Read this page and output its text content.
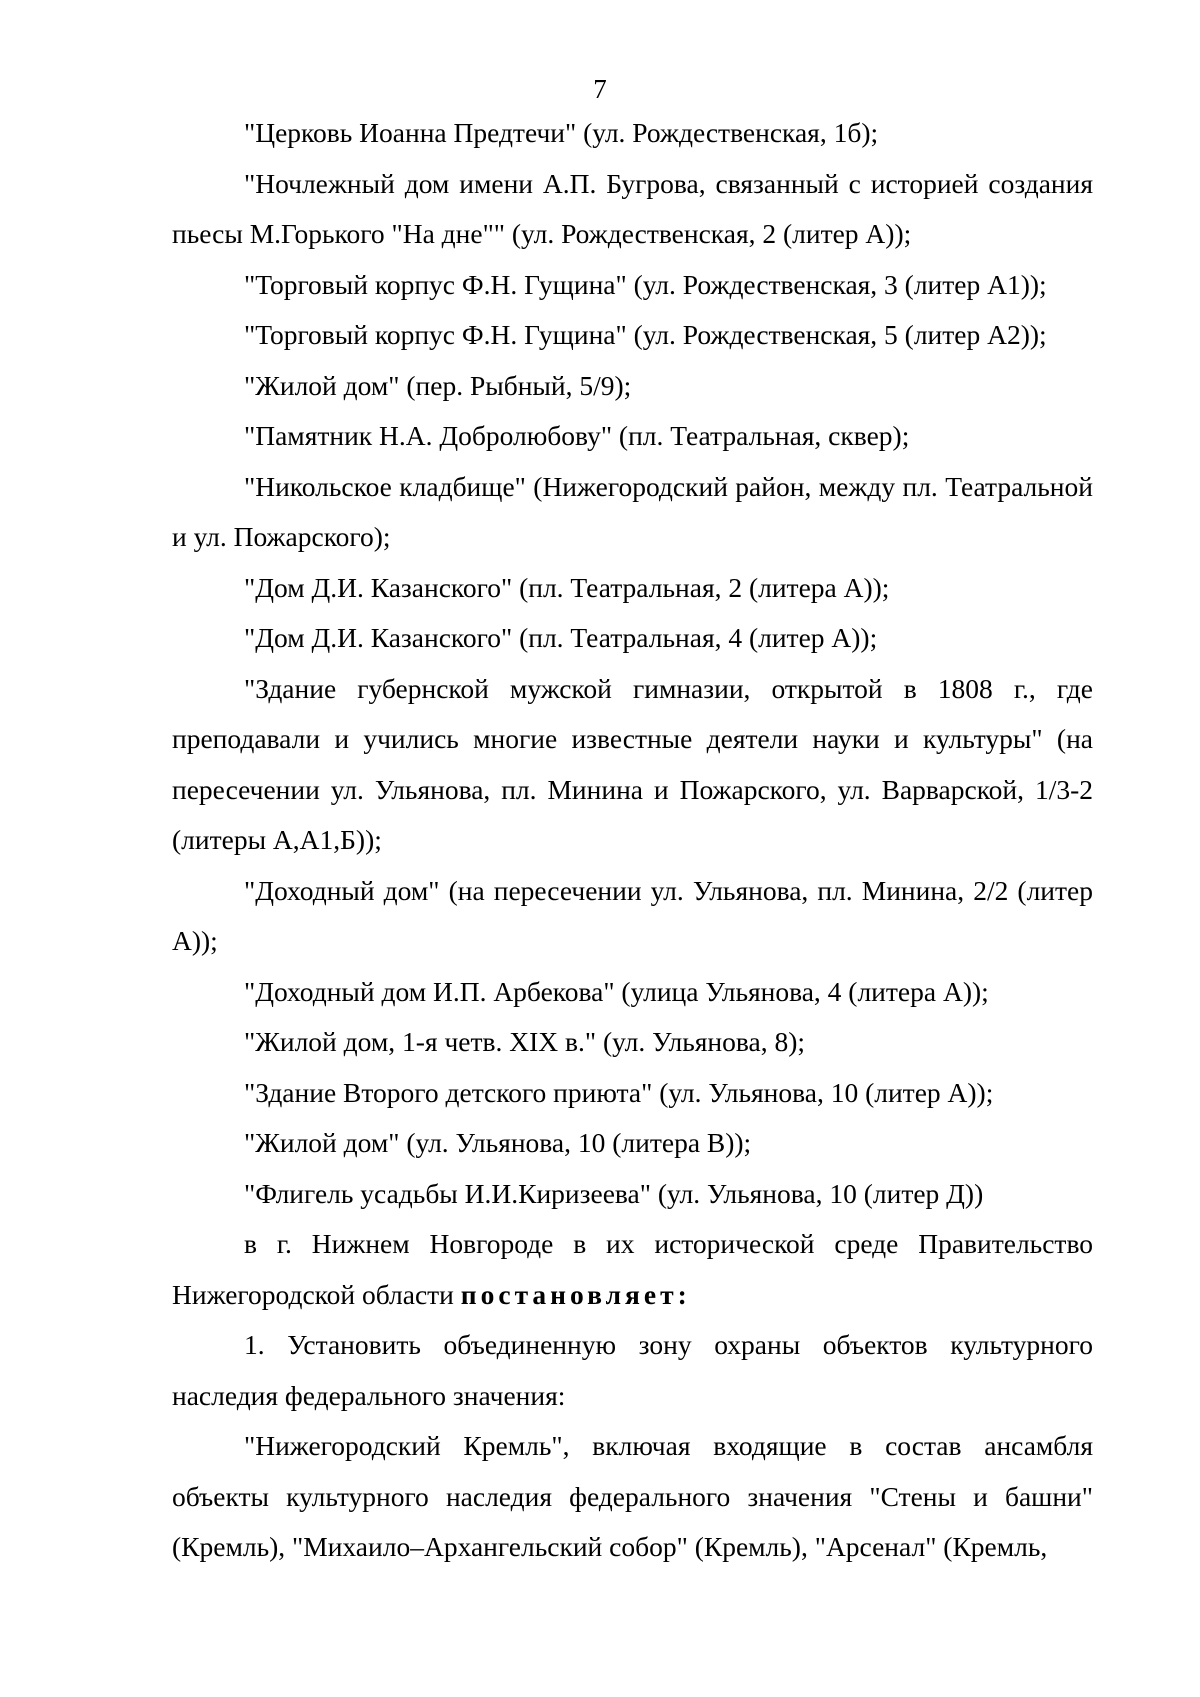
7

"Церковь Иоанна Предтечи" (ул. Рождественская, 1б);

"Ночлежный дом имени А.П. Бугрова, связанный с историей создания пьесы М.Горького "На дне"" (ул. Рождественская, 2 (литер А));

"Торговый корпус Ф.Н. Гущина" (ул. Рождественская, 3 (литер А1));

"Торговый корпус Ф.Н. Гущина" (ул. Рождественская, 5 (литер А2));

"Жилой дом" (пер. Рыбный, 5/9);

"Памятник Н.А. Добролюбову" (пл. Театральная, сквер);

"Никольское кладбище" (Нижегородский район, между пл. Театральной и ул. Пожарского);

"Дом Д.И. Казанского" (пл. Театральная, 2 (литера А));

"Дом Д.И. Казанского" (пл. Театральная, 4 (литер А));

"Здание губернской мужской гимназии, открытой в 1808 г., где преподавали и учились многие известные деятели науки и культуры" (на пересечении ул. Ульянова, пл. Минина и Пожарского, ул. Варварской, 1/3-2 (литеры А,А1,Б));

"Доходный дом" (на пересечении ул. Ульянова, пл. Минина, 2/2 (литер А));

"Доходный дом И.П. Арбекова" (улица Ульянова, 4 (литера А));

"Жилой дом, 1-я четв. XIX в." (ул. Ульянова, 8);

"Здание Второго детского приюта" (ул. Ульянова, 10 (литер А));

"Жилой дом" (ул. Ульянова, 10 (литера В));

"Флигель усадьбы И.И.Киризеева" (ул. Ульянова, 10 (литер Д))

в г. Нижнем Новгороде в их исторической среде Правительство Нижегородской области постановляет:

1. Установить объединенную зону охраны объектов культурного наследия федерального значения:

"Нижегородский Кремль", включая входящие в состав ансамбля объекты культурного наследия федерального значения "Стены и башни" (Кремль), "Михаило–Архангельский собор" (Кремль), "Арсенал" (Кремль,
